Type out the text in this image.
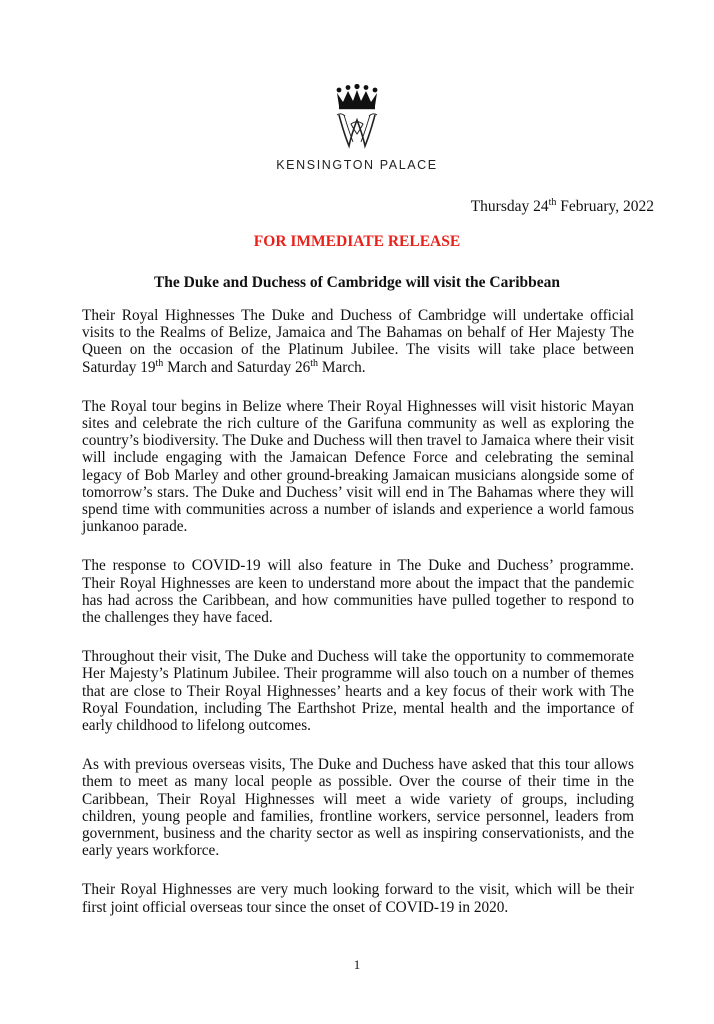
KENSINGTON PALACE
Thursday 24th February, 2022
FOR IMMEDIATE RELEASE
The Duke and Duchess of Cambridge will visit the Caribbean

Their Royal Highnesses The Duke and Duchess of Cambridge will undertake official visits to the Realms of Belize, Jamaica and The Bahamas on behalf of Her Majesty The Queen on the occasion of the Platinum Jubilee. The visits will take place between Saturday 19th March and Saturday 26th March.

The Royal tour begins in Belize where Their Royal Highnesses will visit historic Mayan sites and celebrate the rich culture of the Garifuna community as well as exploring the country’s biodiversity. The Duke and Duchess will then travel to Jamaica where their visit will include engaging with the Jamaican Defence Force and celebrating the seminal legacy of Bob Marley and other ground-breaking Jamaican musicians alongside some of tomorrow’s stars. The Duke and Duchess’ visit will end in The Bahamas where they will spend time with communities across a number of islands and experience a world famous junkanoo parade.

The response to COVID-19 will also feature in The Duke and Duchess’ programme. Their Royal Highnesses are keen to understand more about the impact that the pandemic has had across the Caribbean, and how communities have pulled together to respond to the challenges they have faced.

Throughout their visit, The Duke and Duchess will take the opportunity to commemorate Her Majesty’s Platinum Jubilee. Their programme will also touch on a number of themes that are close to Their Royal Highnesses’ hearts and a key focus of their work with The Royal Foundation, including The Earthshot Prize, mental health and the importance of early childhood to lifelong outcomes.

As with previous overseas visits, The Duke and Duchess have asked that this tour allows them to meet as many local people as possible. Over the course of their time in the Caribbean, Their Royal Highnesses will meet a wide variety of groups, including children, young people and families, frontline workers, service personnel, leaders from government, business and the charity sector as well as inspiring conservationists, and the early years workforce.

Their Royal Highnesses are very much looking forward to the visit, which will be their first joint official overseas tour since the onset of COVID-19 in 2020.

1
